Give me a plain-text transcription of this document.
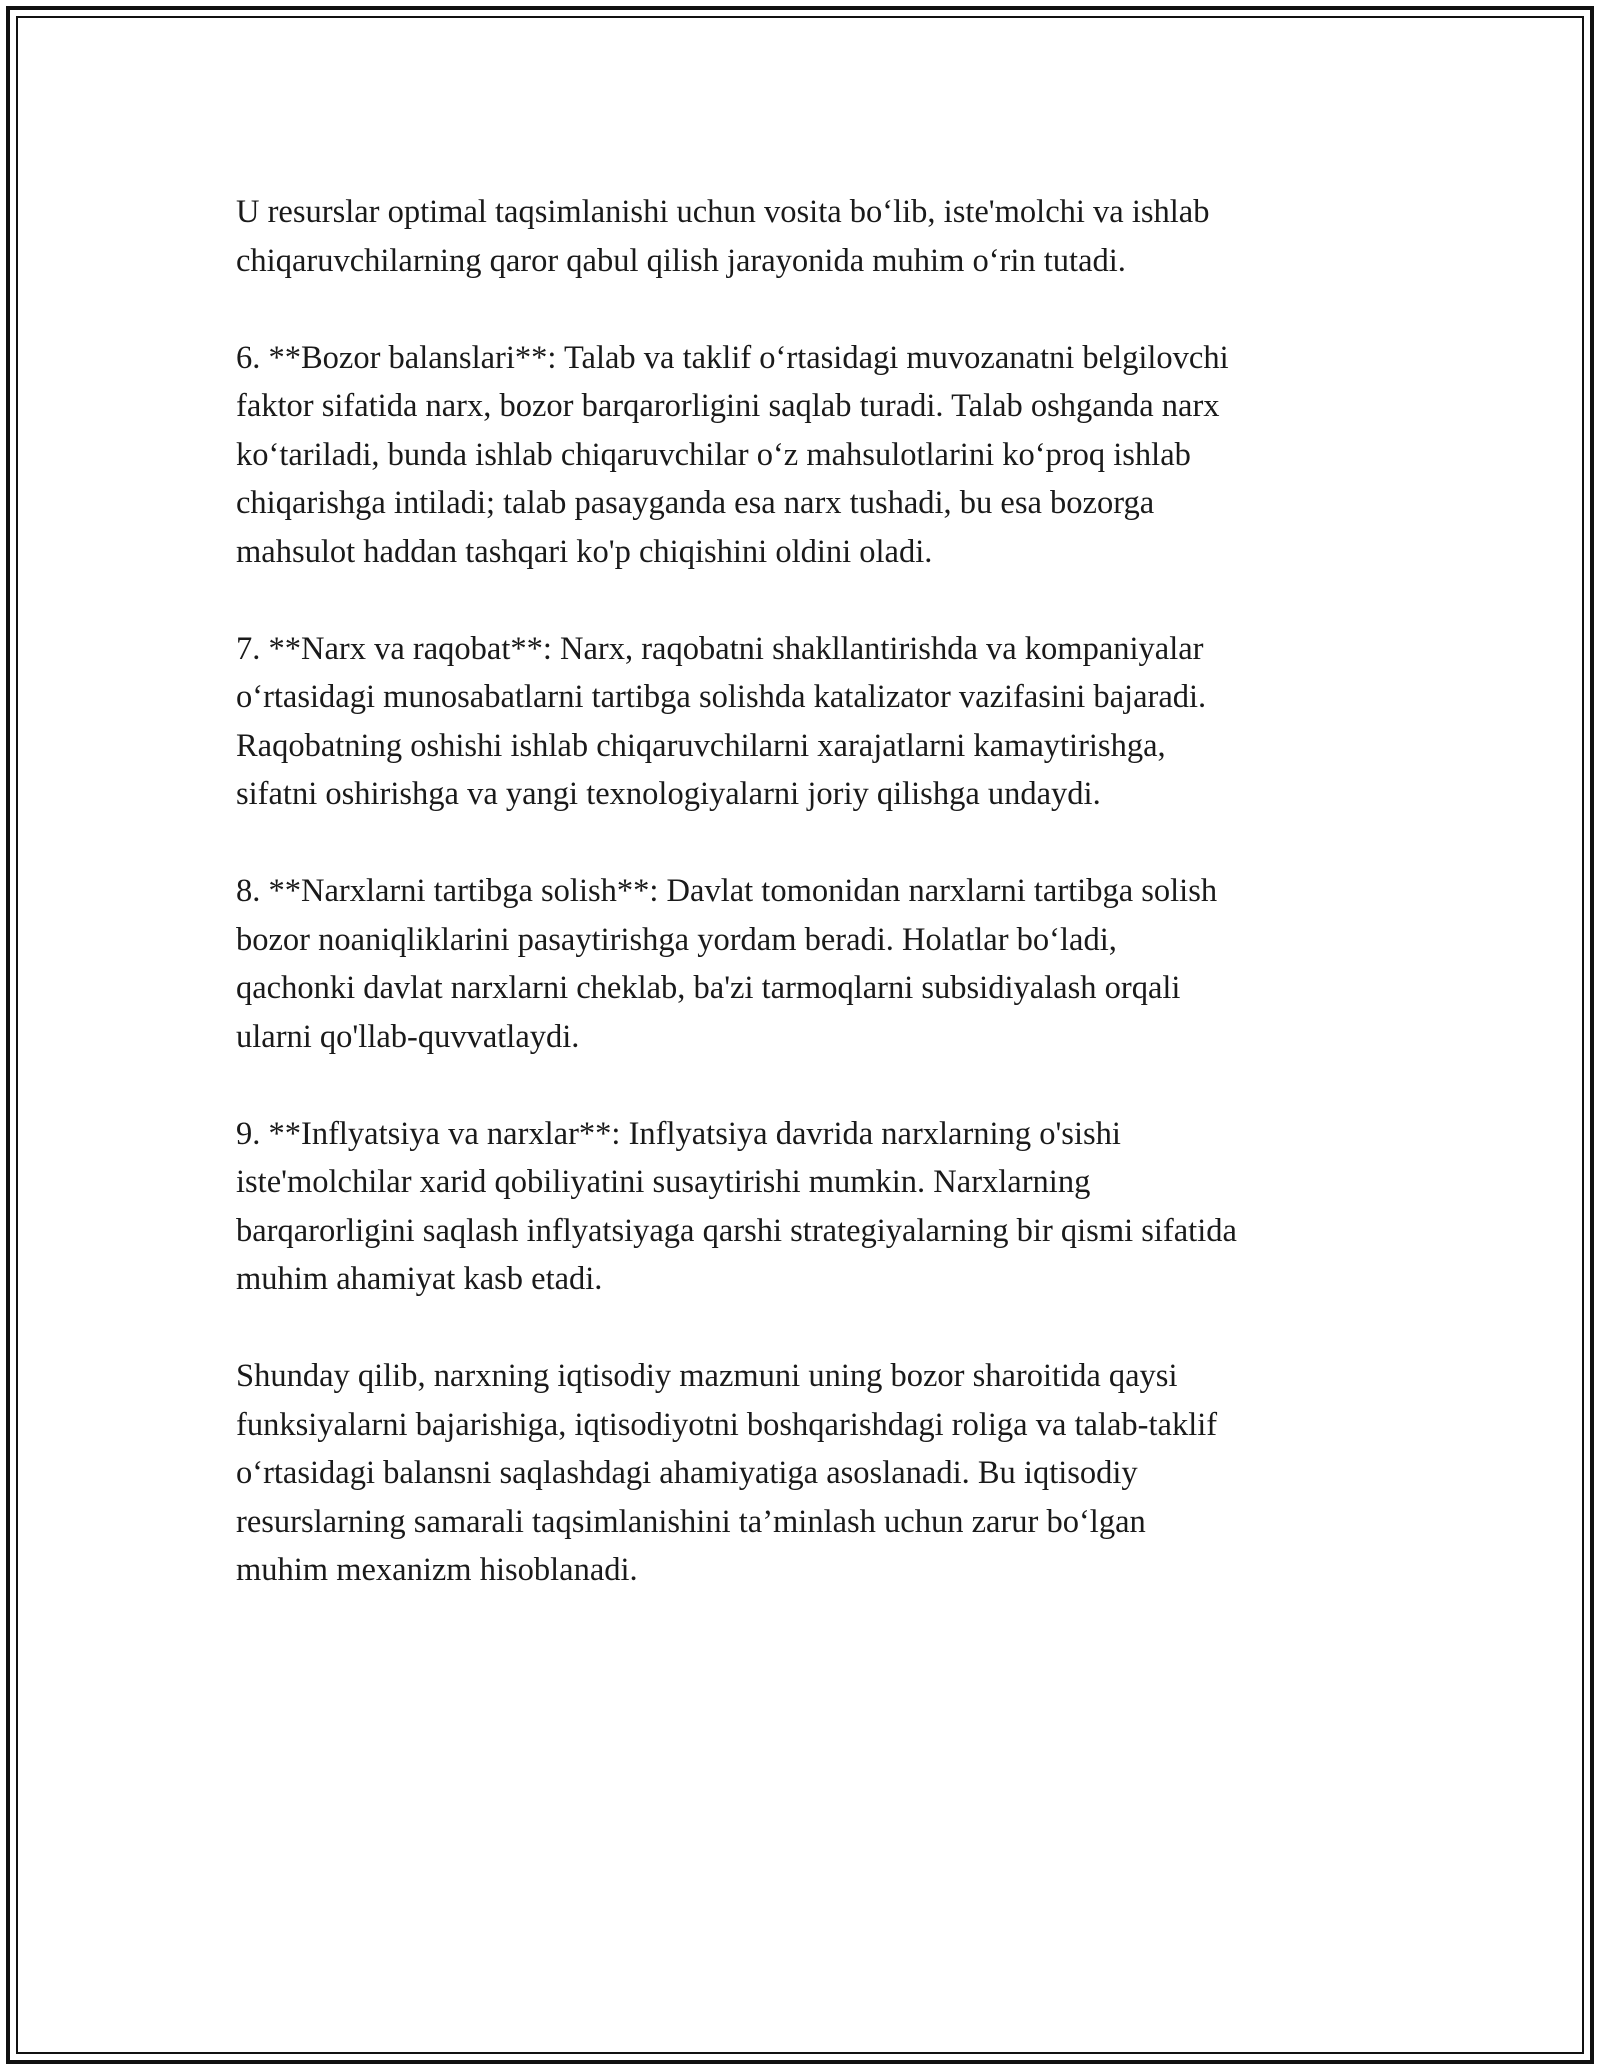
U resurslar optimal taqsimlanishi uchun vosita bo‘lib, iste'molchi va ishlab
chiqaruvchilarning qaror qabul qilish jarayonida muhim o‘rin tutadi.

6. **Bozor balanslari**: Talab va taklif o‘rtasidagi muvozanatni belgilovchi
faktor sifatida narx, bozor barqarorligini saqlab turadi. Talab oshganda narx
ko‘tariladi, bunda ishlab chiqaruvchilar o‘z mahsulotlarini ko‘proq ishlab
chiqarishga intiladi; talab pasayganda esa narx tushadi, bu esa bozorga
mahsulot haddan tashqari ko'p chiqishini oldini oladi.

7. **Narx va raqobat**: Narx, raqobatni shakllantirishda va kompaniyalar
o‘rtasidagi munosabatlarni tartibga solishda katalizator vazifasini bajaradi.
Raqobatning oshishi ishlab chiqaruvchilarni xarajatlarni kamaytirishga,
sifatni oshirishga va yangi texnologiyalarni joriy qilishga undaydi.

8. **Narxlarni tartibga solish**: Davlat tomonidan narxlarni tartibga solish
bozor noaniqliklarini pasaytirishga yordam beradi. Holatlar bo‘ladi,
qachonki davlat narxlarni cheklab, ba'zi tarmoqlarni subsidiyalash orqali
ularni qo'llab-quvvatlaydi.

9. **Inflyatsiya va narxlar**: Inflyatsiya davrida narxlarning o'sishi
iste'molchilar xarid qobiliyatini susaytirishi mumkin. Narxlarning
barqarorligini saqlash inflyatsiyaga qarshi strategiyalarning bir qismi sifatida
muhim ahamiyat kasb etadi.

Shunday qilib, narxning iqtisodiy mazmuni uning bozor sharoitida qaysi
funksiyalarni bajarishiga, iqtisodiyotni boshqarishdagi roliga va talab-taklif
o‘rtasidagi balansni saqlashdagi ahamiyatiga asoslanadi. Bu iqtisodiy
resurslarning samarali taqsimlanishini ta’minlash uchun zarur bo‘lgan
muhim mexanizm hisoblanadi.
